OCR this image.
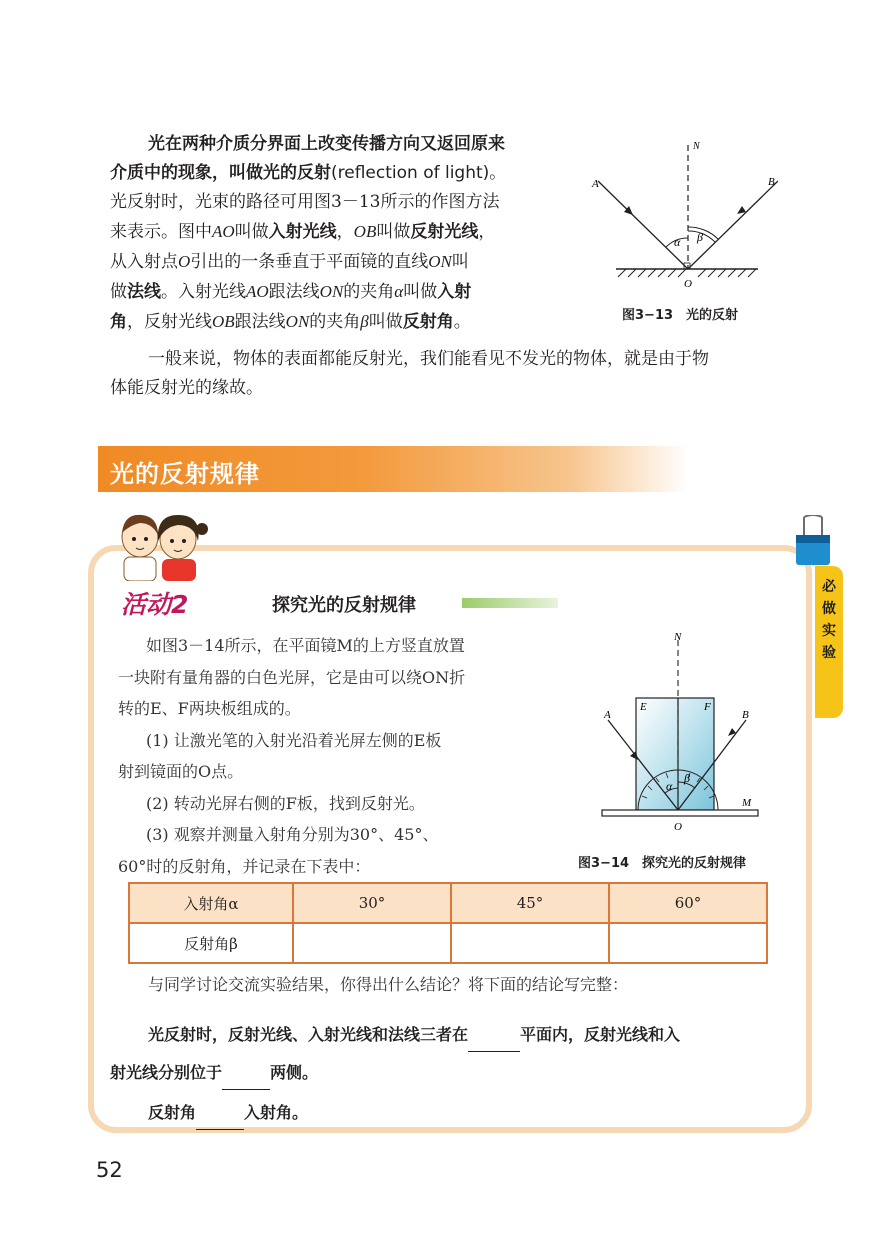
光在两种介质分界面上改变传播方向又返回原来
介质中的现象，叫做光的反射(reflection of light)。
光反射时，光束的路径可用图3－13所示的作图方法
来表示。图中AO叫做入射光线，OB叫做反射光线，
从入射点O引出的一条垂直于平面镜的直线ON叫
做法线。入射光线AO跟法线ON的夹角α叫做入射
角，反射光线OB跟法线ON的夹角β叫做反射角。
一般来说，物体的表面都能反射光，我们能看见不发光的物体，就是由于物
体能反射光的缘故。
N
A	B
O
α β
图3−13　光的反射
光的反射规律
必
做
实
验
活动2	探究光的反射规律
如图3－14所示，在平面镜M的上方竖直放置
一块附有量角器的白色光屏，它是由可以绕ON折
转的E、F两块板组成的。
(1) 让激光笔的入射光沿着光屏左侧的E板
射到镜面的O点。
(2) 转动光屏右侧的F板，找到反射光。
(3) 观察并测量入射角分别为30°、45°、
60°时的反射角，并记录在下表中：
N
A	B
E	F
M
O
α
β
图3−14　探究光的反射规律
入射角α	30°	45°	60°
反射角β			
与同学讨论交流实验结果，你得出什么结论？将下面的结论写完整：
光反射时，反射光线、入射光线和法线三者在	平面内，反射光线和入
射光线分别位于	两侧。
反射角	入射角。
52
